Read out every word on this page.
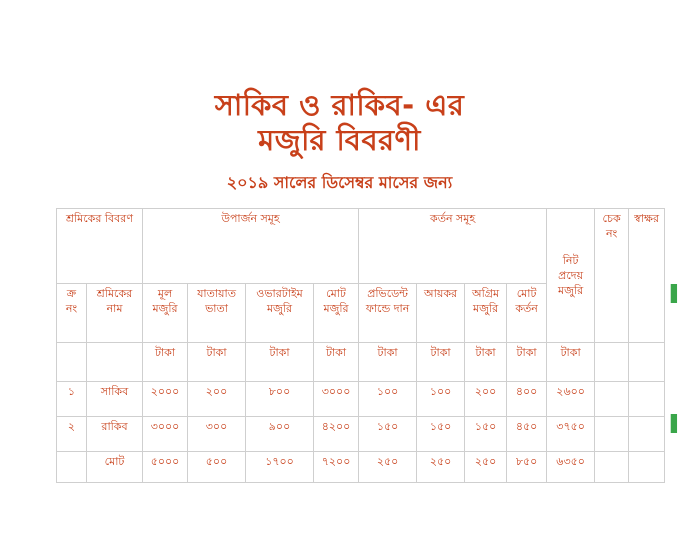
সাকিব ও রাকিব- এর
মজুরি বিবরণী
২০১৯ সালের ডিসেম্বর মাসের জন্য
শ্রমিকের বিবরণ		উপার্জন সমূহ				কর্তন সমূহ				নিট প্রদেয় মজুরি	চেক নং	স্বাক্ষর
ক্র নং	শ্রমিকের নাম	মূল মজুরি	যাতায়াত ভাতা	ওভারটাইম মজুরি	মোট মজুরি	প্রভিডেন্ট ফান্ডে দান	আয়কর	অগ্রিম মজুরি	মোট কর্তন			
		টাকা	টাকা	টাকা	টাকা	টাকা	টাকা	টাকা	টাকা	টাকা		
১	সাকিব	২০০০	২০০	৮০০	৩০০০	১০০	১০০	২০০	৪০০	২৬০০		
২	রাকিব	৩০০০	৩০০	৯০০	৪২০০	১৫০	১৫০	১৫০	৪৫০	৩৭৫০		
	মোট	৫০০০	৫০০	১৭০০	৭২০০	২৫০	২৫০	২৫০	৮৫০	৬৩৫০		
▌
▌
